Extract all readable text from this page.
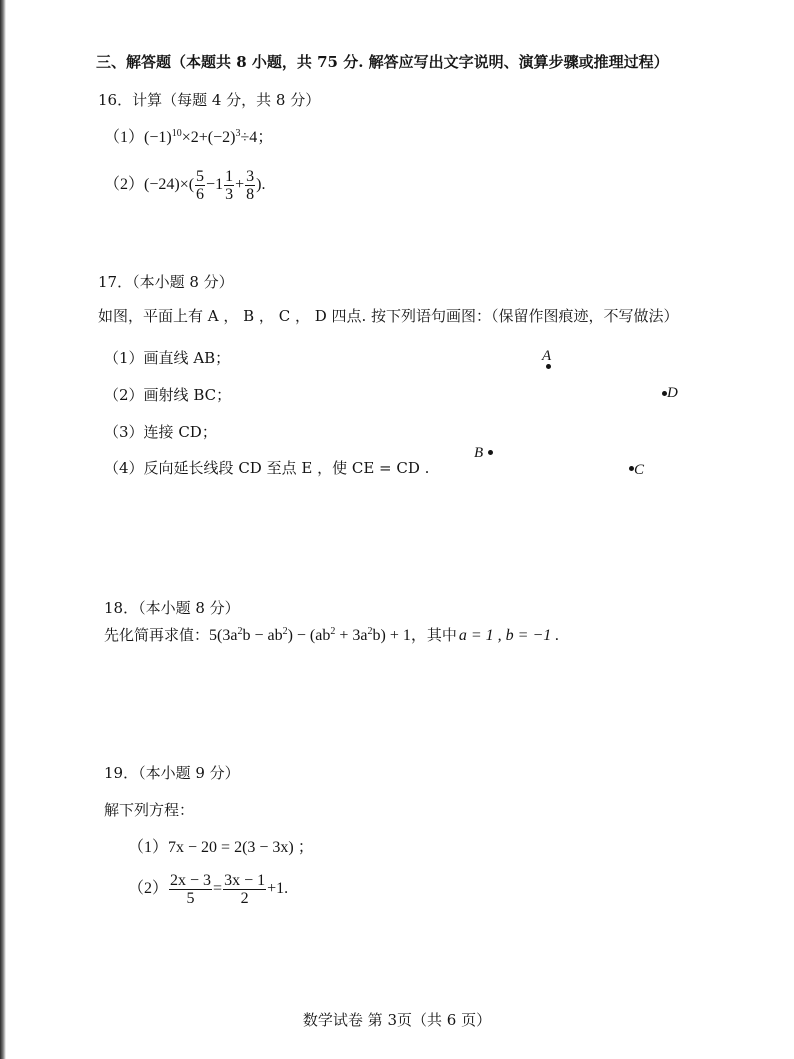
三、解答题（本题共 8 小题，共 75 分. 解答应写出文字说明、演算步骤或推理过程）
16．计算（每题 4 分，共 8 分）
$(1)(-1)^{10}\times 2+(-2)^3\div 4$；
$(2)(-24)\times( \frac{5}{6} -1 \frac{1}{3} + \frac{3}{8}$ ).
17．（本小题 8 分）
如图，平面上有 A ， B ， C ， D 四点. 按下列语句画图：（保留作图痕迹，不写做法）
（1）画直线 AB；
（2）画射线 BC；
（3）连接 CD；
（4）反向延长线段 CD 至点 E ，使 CE = CD .
A
D
B
C
18．（本小题 8 分）
先化简再求值：$5(3a^2b - ab^2) - (ab^2 + 3a^2b) + 1$，其中 a = 1 , b = −1 .
19．（本小题 9 分）
解下列方程：
（1）7x − 20 = 2(3 − 3x) ；
$(2) \frac{2x - 3}{5} = \frac{3x - 1}{2} +1$.
数学试卷 第 3页（共 6 页）
